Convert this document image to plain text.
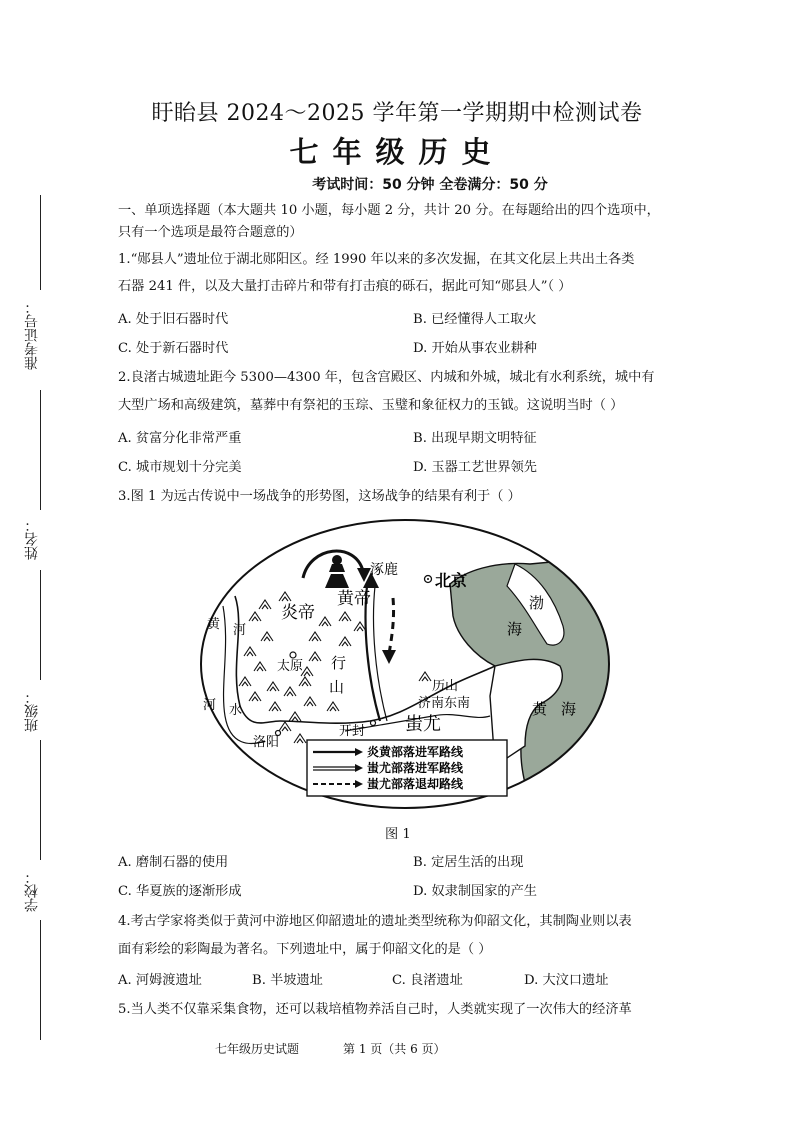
准考证号：
姓名：
班级：
学校：
盱眙县 2024～2025 学年第一学期期中检测试卷
七年级历史
考试时间：50 分钟 全卷满分：50 分
一、单项选择题（本大题共 10 小题，每小题 2 分，共计 20 分。在每题给出的四个选项中，
只有一个选项是最符合题意的）
1.“郧县人”遗址位于湖北郧阳区。经 1990 年以来的多次发掘，在其文化层上共出土各类
石器 241 件，以及大量打击碎片和带有打击痕的砾石，据此可知“郧县人”（ ）
A. 处于旧石器时代	B. 已经懂得人工取火
C. 处于新石器时代	D. 开始从事农业耕种
2.良渚古城遗址距今 5300—4300 年，包含宫殿区、内城和外城，城北有水利系统，城中有
大型广场和高级建筑，墓葬中有祭祀的玉琮、玉璧和象征权力的玉钺。这说明当时（ ）
A. 贫富分化非常严重	B. 出现早期文明特征
C. 城市规划十分完美	D. 玉器工艺世界领先
3.图 1 为远古传说中一场战争的形势图，这场战争的结果有利于（ ）
涿鹿
北京
黄帝
炎帝
太原
黄 河
河 水
洛阳
开封 蚩尤
历山
济南东南
渤
海
黄 海
行
山
炎黄部落进军路线
蚩尤部落进军路线
蚩尤部落退却路线
图 1
A. 磨制石器的使用	B. 定居生活的出现
C. 华夏族的逐渐形成	D. 奴隶制国家的产生
4.考古学家将类似于黄河中游地区仰韶遗址的遗址类型统称为仰韶文化，其制陶业则以表
面有彩绘的彩陶最为著名。下列遗址中，属于仰韶文化的是（ ）
A. 河姆渡遗址	B. 半坡遗址	C. 良渚遗址	D. 大汶口遗址
5.当人类不仅靠采集食物，还可以栽培植物养活自己时，人类就实现了一次伟大的经济革
七年级历史试题	第 1 页（共 6 页）
